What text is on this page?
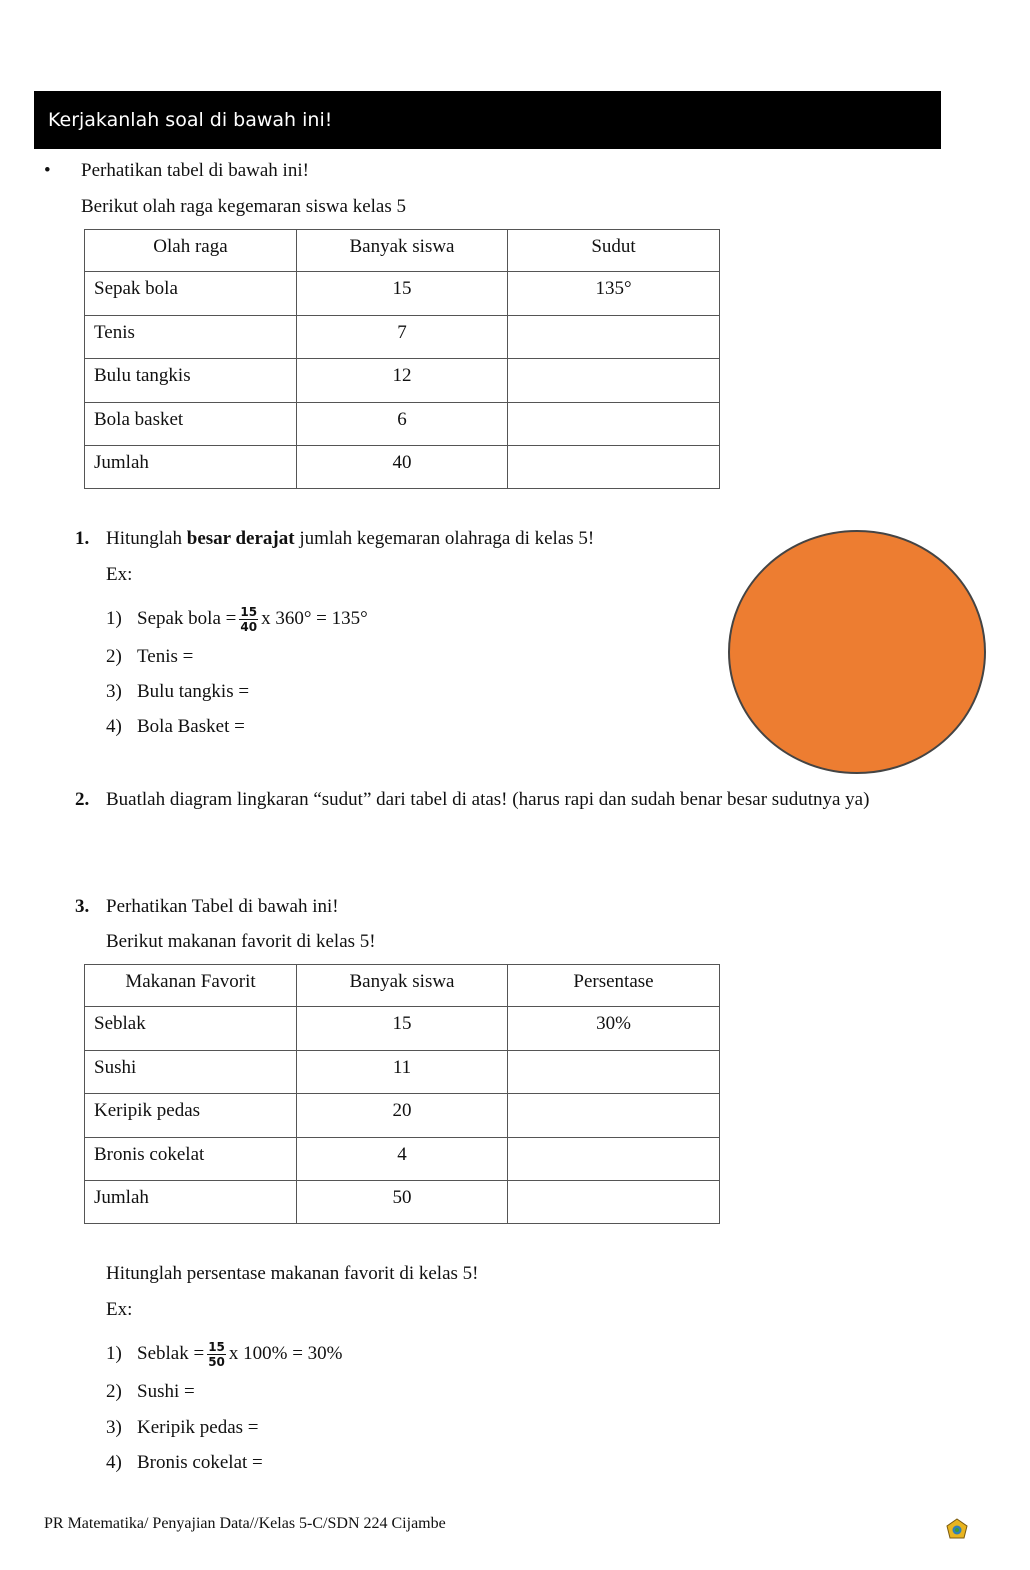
Kerjakanlah soal di bawah ini!
• Perhatikan tabel di bawah ini!
Berikut olah raga kegemaran siswa kelas 5
Olah raga	Banyak siswa	Sudut
Sepak bola	15	135°
Tenis	7	
Bulu tangkis	12	
Bola basket	6	
Jumlah	40	
1. Hitunglah besar derajat jumlah kegemaran olahraga di kelas 5!
Ex:
1) Sepak bola = $\frac{15}{40}$ x 360° = 135°
2) Tenis =
3) Bulu tangkis =
4) Bola Basket =
2. Buatlah diagram lingkaran “sudut” dari tabel di atas! (harus rapi dan sudah benar besar sudutnya ya)
3. Perhatikan Tabel di bawah ini!
Berikut makanan favorit di kelas 5!
Makanan Favorit	Banyak siswa	Persentase
Seblak	15	30%
Sushi	11	
Keripik pedas	20	
Bronis cokelat	4	
Jumlah	50	
Hitunglah persentase makanan favorit di kelas 5!
Ex:
1) Seblak = $\frac{15}{50}$ x 100% = 30%
2) Sushi =
3) Keripik pedas =
4) Bronis cokelat =
PR Matematika/ Penyajian Data//Kelas 5-C/SDN 224 Cijambe
